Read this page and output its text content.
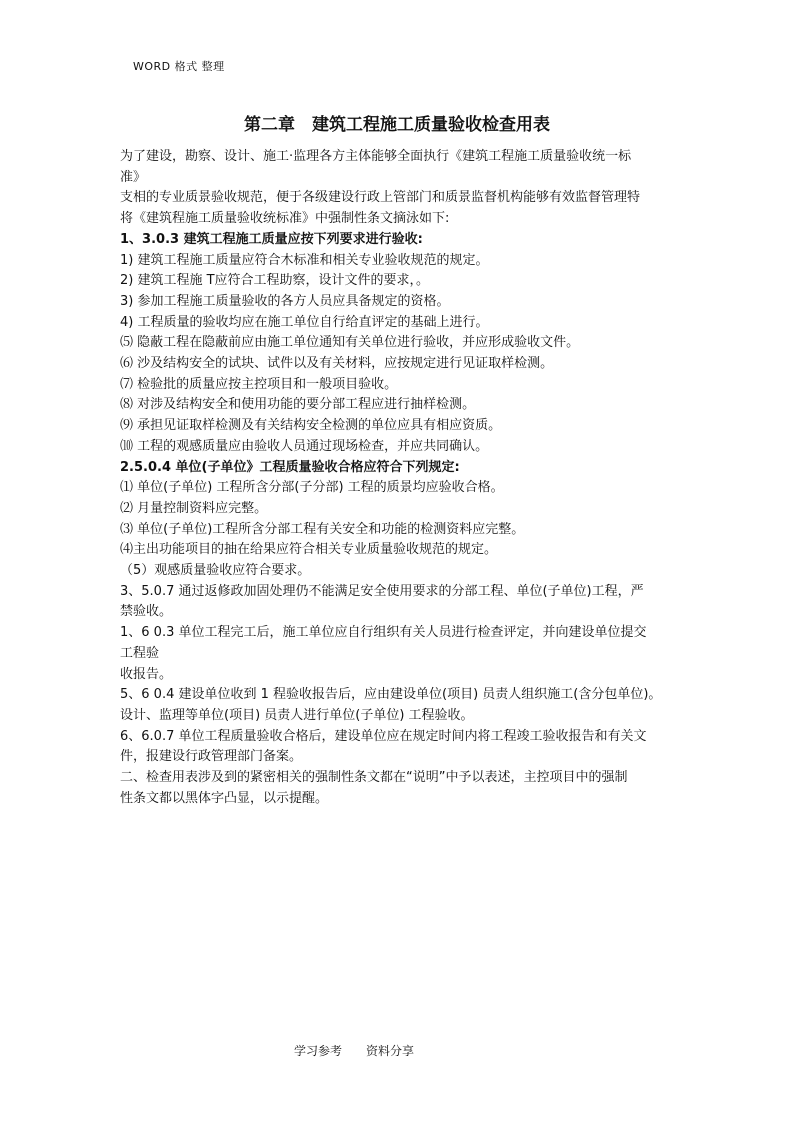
WORD 格式 整理
第二章　建筑工程施工质量验收检查用表
为了建设，勘察、设计、施工·监理各方主体能够全面执行《建筑工程施工质量验收统一标
准》
支相的专业质景验收规范，便于各级建设行政上管部门和质景监督机构能够有效监督管理特
将《建筑程施工质量验收统标准》中强制性条文摘泳如下:
1、3.0.3 建筑工程施工质量应按下列要求进行验收:
1) 建筑工程施工质量应符合木标准和相关专业验收规范的规定。
2) 建筑工程施 T应符合工程助察，设计文件的要求，。
3) 参加工程施工质量验收的各方人员应具备规定的资格。
4) 工程质量的验收均应在施工单位自行给直评定的基础上进行。
⑸ 隐蔽工程在隐蔽前应由施工单位通知有关单位进行验收，并应形成验收文件。
⑹ 沙及结构安全的试块、试件以及有关材料，应按规定进行见证取样检测。
⑺ 检验批的质量应按主控项目和一般项目验收。
⑻ 对涉及结构安全和使用功能的要分部工程应进行抽样检测。
⑼ 承担见证取样检测及有关结构安全检测的单位应具有相应资质。
⑽ 工程的观感质量应由验收人员通过现场检查，并应共同确认。
2.5.0.4 单位(子单位》工程质量验收合格应符合下列规定:
⑴ 单位(子单位) 工程所含分部(子分部) 工程的质景均应验收合格。
⑵ 月量控制资料应完整。
⑶ 单位(子单位)工程所含分部工程有关安全和功能的检测资料应完整。
⑷主出功能项目的抽在给果应符合相关专业质量验收规范的规定。
（5）观感质量验收应符合要求。
3、5.0.7 通过返修政加固处理仍不能满足安全使用要求的分部工程、单位(子单位)工程，严
禁验收。
1、6 0.3 单位工程完工后，施工单位应自行组织有关人员进行检查评定，并向建设单位提交
工程验
收报告。
5、6 0.4 建设单位收到 1 程验收报告后，应由建设单位(项目) 员责人组织施工(含分包单位)。
设计、监理等单位(项目) 员责人进行单位(子单位) 工程验收。
6、6.0.7 单位工程质量验收合格后，建设单位应在规定时间内将工程竣工验收报告和有关文
件，报建设行政管理部门备案。
二、检查用表涉及到的紧密相关的强制性条文都在“说明”中予以表述，主控项目中的强制
性条文都以黑体字凸显，以示提醒。
学习参考 资料分享
